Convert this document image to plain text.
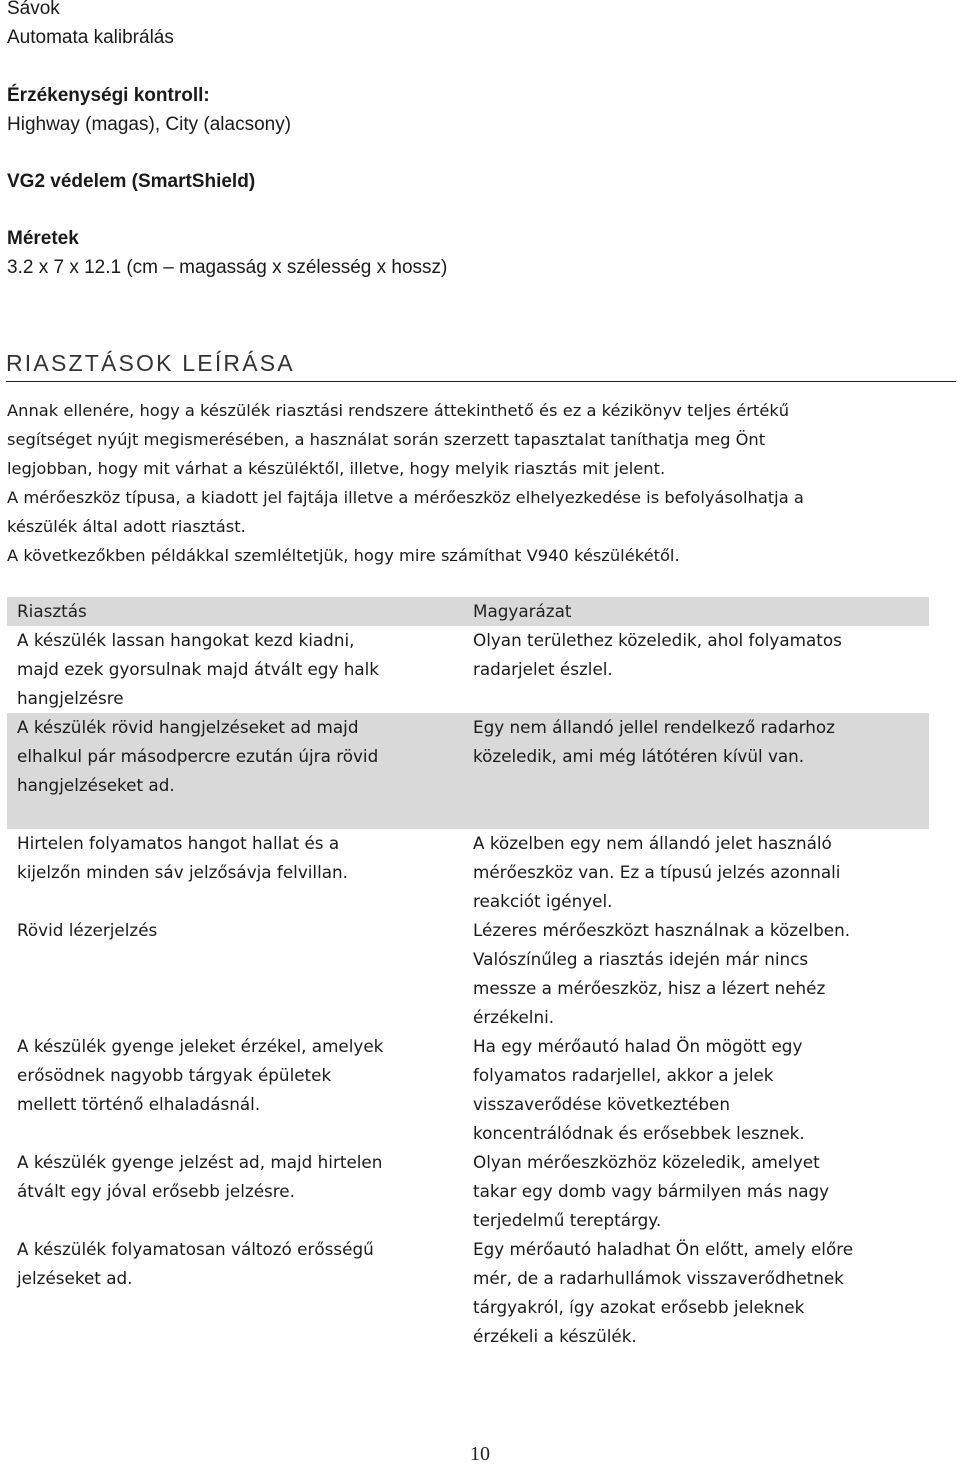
Sávok
Automata kalibrálás
Érzékenységi kontroll:
Highway (magas), City (alacsony)
VG2 védelem (SmartShield)
Méretek
3.2 x 7 x 12.1 (cm – magasság x szélesség x hossz)
RIASZTÁSOK LEÍRÁSA
Annak ellenére, hogy a készülék riasztási rendszere áttekinthető és ez a kézikönyv teljes értékű
segítséget nyújt megismerésében, a használat során szerzett tapasztalat taníthatja meg Önt
legjobban, hogy mit várhat a készüléktől, illetve, hogy melyik riasztás mit jelent.
A mérőeszköz típusa, a kiadott jel fajtája illetve a mérőeszköz elhelyezkedése is befolyásolhatja a
készülék által adott riasztást.
A következőkben példákkal szemléltetjük, hogy mire számíthat V940 készülékétől.
Riasztás	Magyarázat
A készülék lassan hangokat kezd kiadni,
majd ezek gyorsulnak majd átvált egy halk
hangjelzésre
Olyan területhez közeledik, ahol folyamatos
radarjelet észlel.
A készülék rövid hangjelzéseket ad majd
elhalkul pár másodpercre ezután újra rövid
hangjelzéseket ad.
Egy nem állandó jellel rendelkező radarhoz
közeledik, ami még látótéren kívül van.
Hirtelen folyamatos hangot hallat és a
kijelzőn minden sáv jelzősávja felvillan.
A közelben egy nem állandó jelet használó
mérőeszköz van. Ez a típusú jelzés azonnali
reakciót igényel.
Rövid lézerjelzés	Lézeres mérőeszközt használnak a közelben.
Valószínűleg a riasztás idején már nincs
messze a mérőeszköz, hisz a lézert nehéz
érzékelni.
A készülék gyenge jeleket érzékel, amelyek
erősödnek nagyobb tárgyak épületek
mellett történő elhaladásnál.
Ha egy mérőautó halad Ön mögött egy
folyamatos radarjellel, akkor a jelek
visszaverődése következtében
koncentrálódnak és erősebbek lesznek.
A készülék gyenge jelzést ad, majd hirtelen
átvált egy jóval erősebb jelzésre.
Olyan mérőeszközhöz közeledik, amelyet
takar egy domb vagy bármilyen más nagy
terjedelmű tereptárgy.
A készülék folyamatosan változó erősségű
jelzéseket ad.
Egy mérőautó haladhat Ön előtt, amely előre
mér, de a radarhullámok visszaverődhetnek
tárgyakról, így azokat erősebb jeleknek
érzékeli a készülék.
10
